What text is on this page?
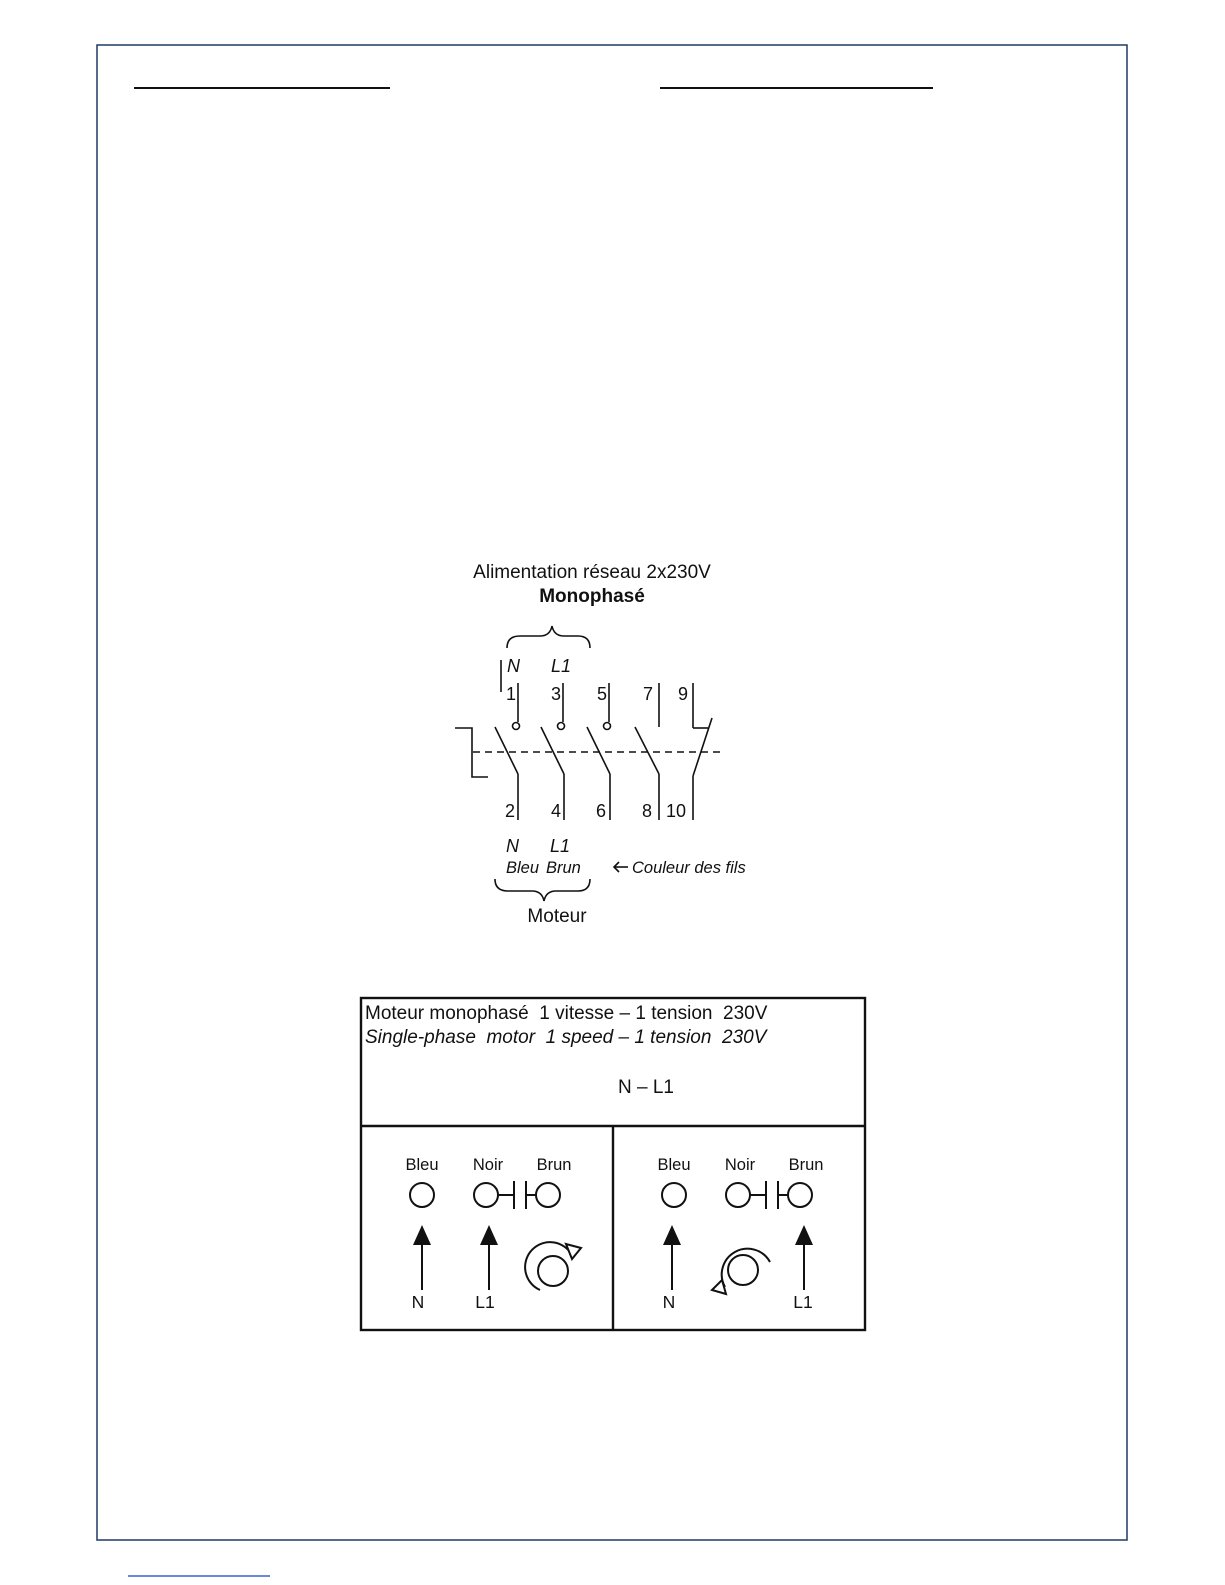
Alimentation réseau 2x230V
Monophasé
N L1
1 3 5 7 9
2 4 6 8 10
N L1
Bleu Brun	Couleur des fils
Moteur
Moteur monophasé  1 vitesse – 1 tension  230V
Single-phase  motor  1 speed – 1 tension  230V
N – L1
Bleu Noir Brun
N	L1
Bleu Noir Brun
N	L1
